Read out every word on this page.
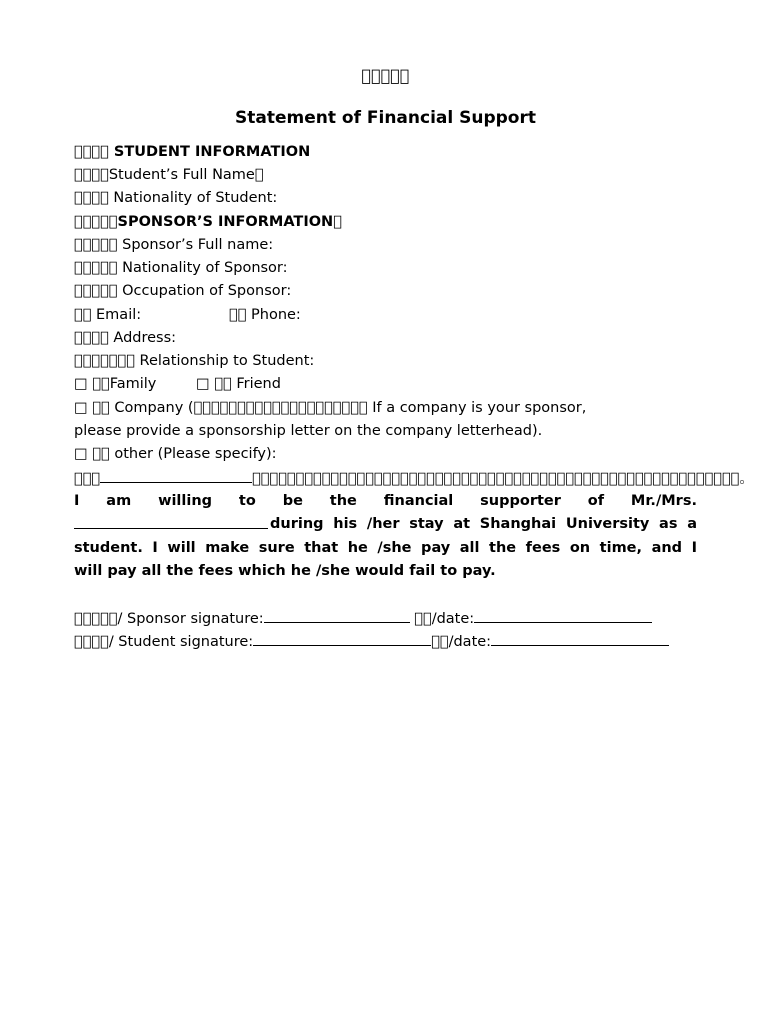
􏰀􏰁􏰂􏰃􏰄
Statement of Financial Support
􏰅􏰆􏰇􏰈 STUDENT INFORMATION
􏰉􏰊􏰋􏰌Student’s Full Name􏰍
􏰎􏰏􏰐􏰑 Nationality of Student:
􏰒􏰓􏰔􏰕􏰖SPONSOR’S INFORMATION􏰗
􏰘􏰙􏰚􏰛􏰜 Sponsor’s Full name:
􏰝􏰞􏰟􏰠􏰡 Nationality of Sponsor:
􏰢􏰣􏰤􏰥􏰦 Occupation of Sponsor:
􏰧􏰨 Email:	􏰩􏰪 Phone:
􏰫􏰬􏰭􏰮 Address:
􏰯􏰰􏰱􏰲􏰳􏰴􏰵 Relationship to Student:
□ 􏰶􏰷Family	□ 􏰸􏰹 Friend
□ 􏰺􏰻 Company (􏰼􏰽􏰾􏰿􏱀􏱁􏱂􏱃􏱄􏱅􏱆􏱇􏱈􏱉􏱊􏱋􏱌􏱍􏱎􏱏 If a company is your sponsor,
please provide a sponsorship letter on the company letterhead).
□ 􏱐􏱑 other (Please specify):
􏱒􏱓􏱔	􏱕􏱖􏱗􏱘􏱙􏱚􏱛􏱜􏱝􏱞􏱟􏱠􏱡􏱢􏱣􏱤􏱥􏱦􏱧􏱨􏱩􏱪􏱫􏱬􏱭􏱮􏱯􏱰􏱱􏱲􏱳􏱴􏱵􏱶􏱷􏱸􏱹􏱺􏱻􏱼􏱽􏱾􏱿􏲀􏲁􏲂􏲃􏲄􏲅􏲆􏲇􏲈􏲉􏲊􏲋􏲌。
I am willing to be the financial supporter of Mr./Mrs.
during his /her stay at Shanghai University as a
student. I will make sure that he /she pay all the fees on time, and I
will pay all the fees which he /she would fail to pay.
􏲍􏲎􏲏􏲐􏲑/ Sponsor signature:	􏲒􏲓/date:
􏲔􏲕􏲖􏲗/ Student signature:	􏲒􏲓/date:
